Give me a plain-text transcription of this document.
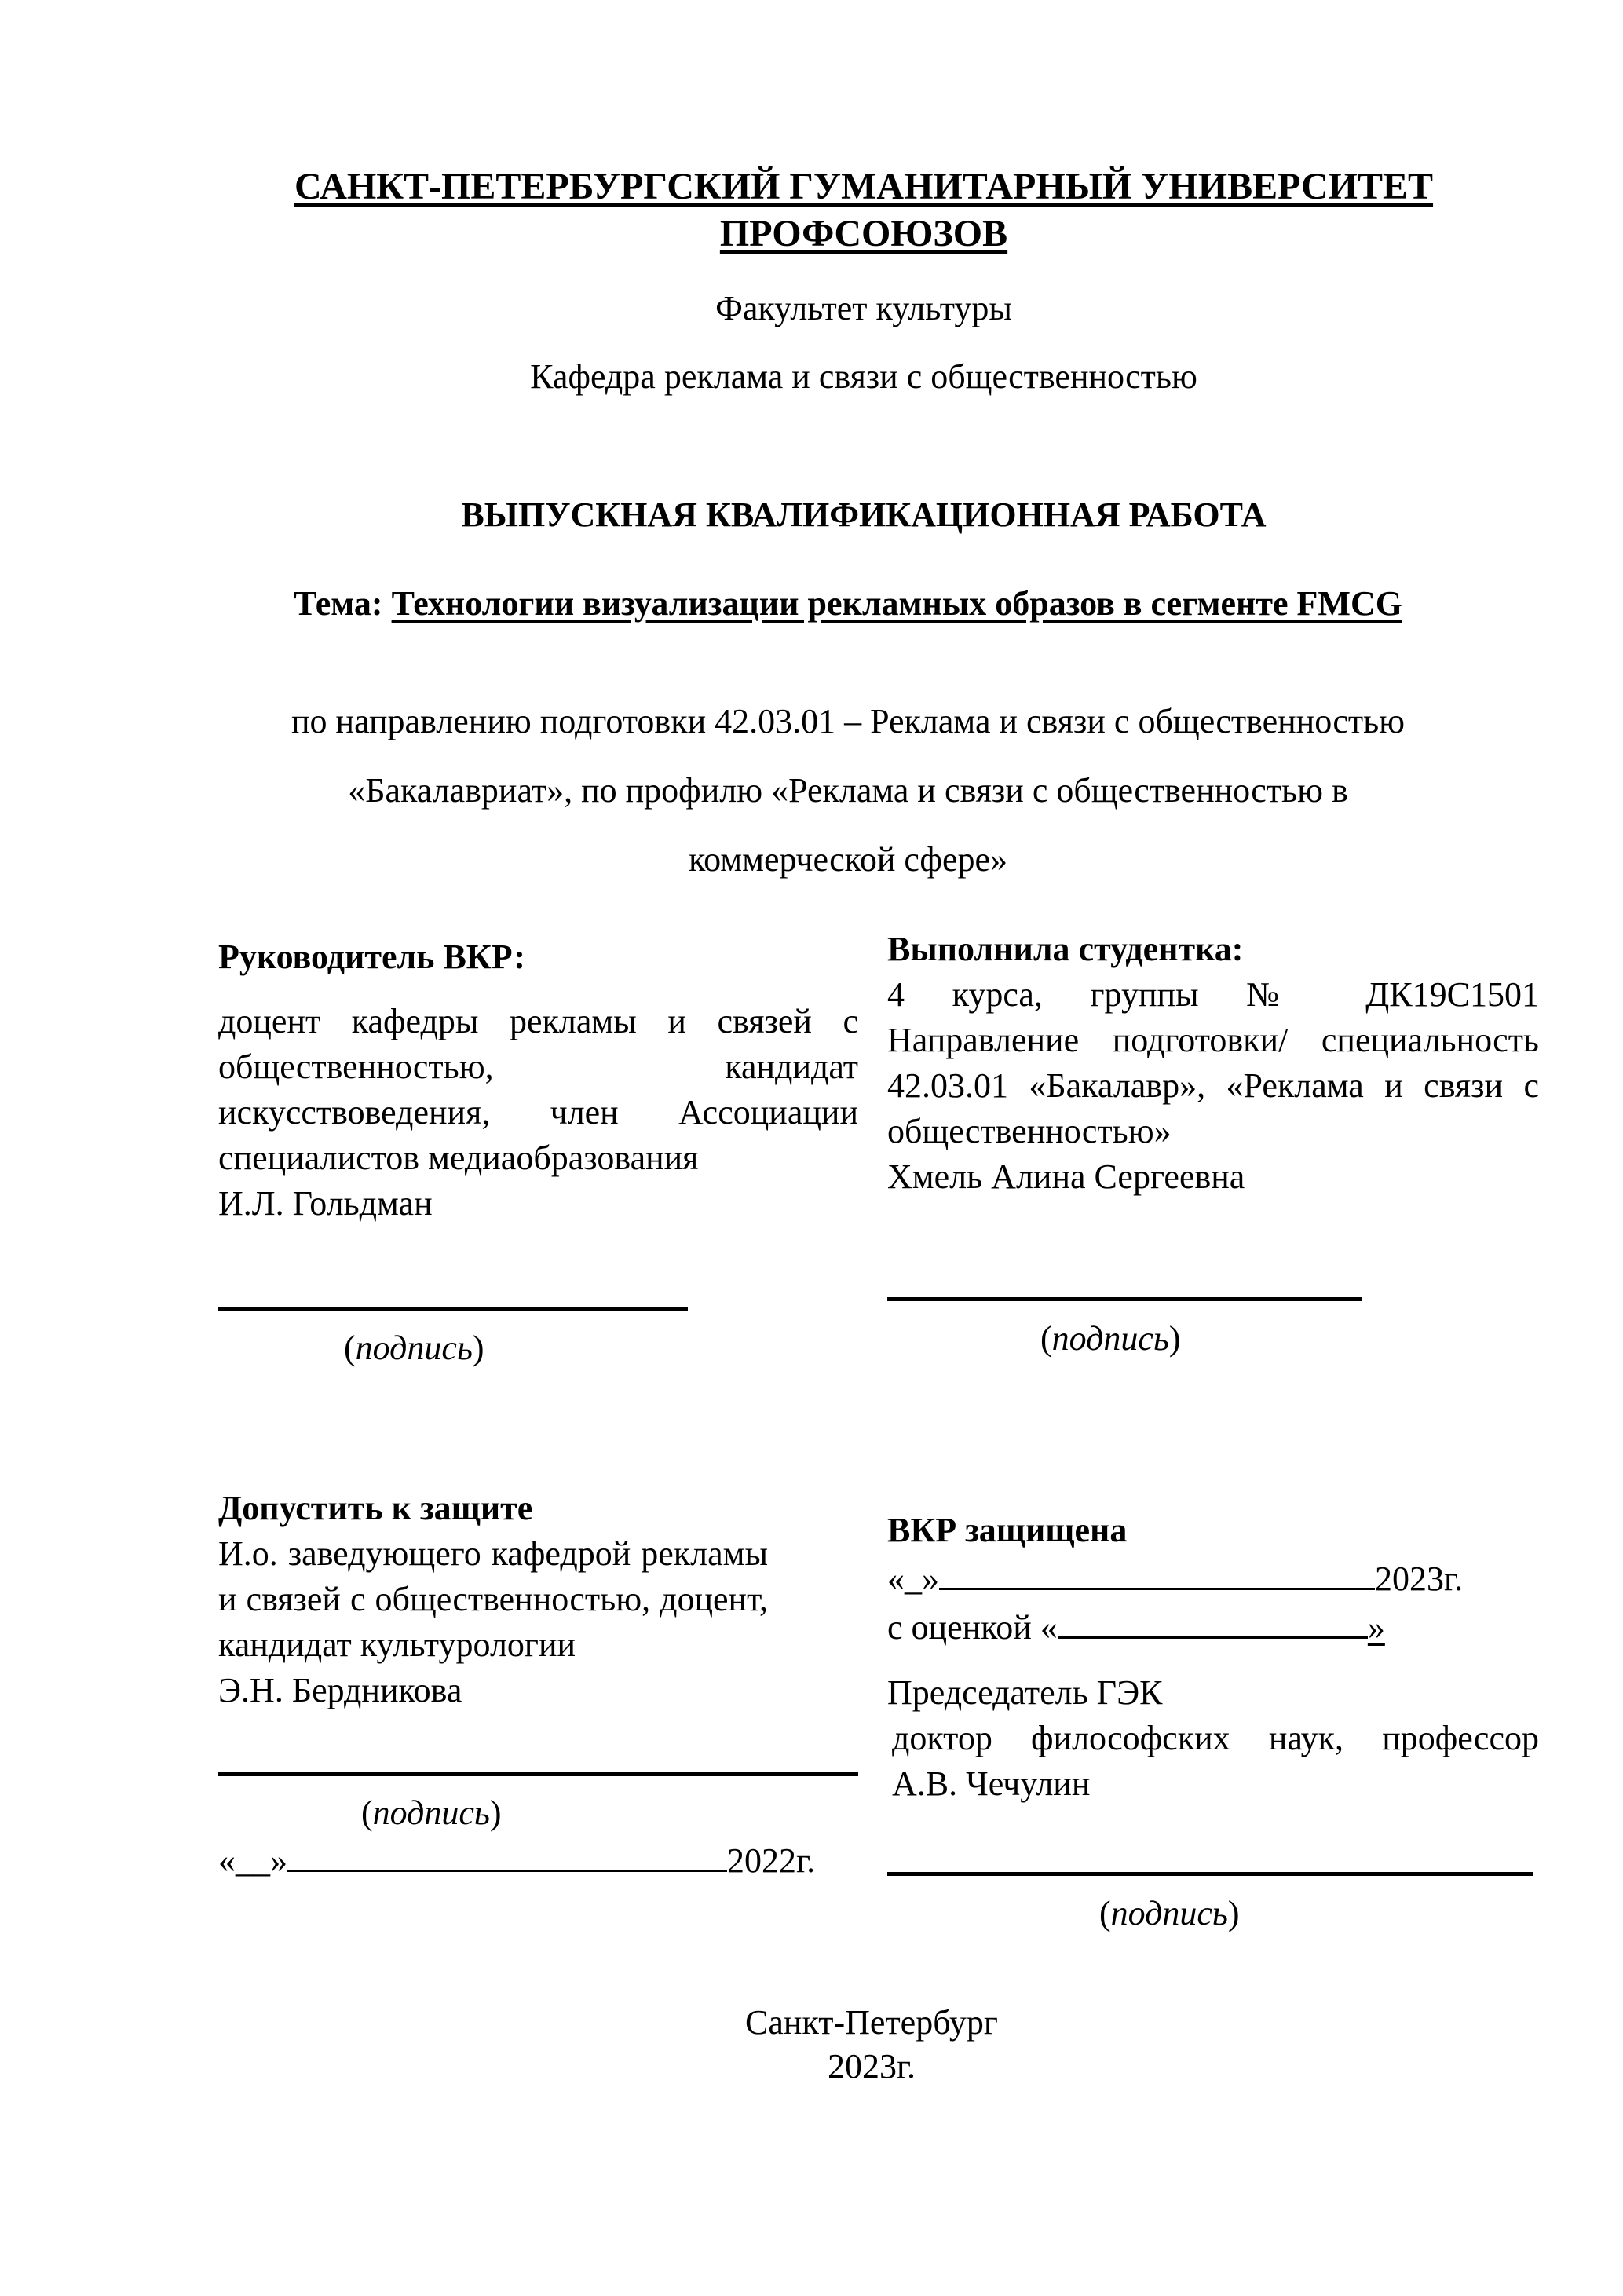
САНКТ-ПЕТЕРБУРГСКИЙ ГУМАНИТАРНЫЙ УНИВЕРСИТЕТ
ПРОФСОЮЗОВ
Факультет культуры
Кафедра реклама и связи с общественностью
ВЫПУСКНАЯ КВАЛИФИКАЦИОННАЯ РАБОТА
Тема: Технологии визуализации рекламных образов в сегменте FMCG
по направлению подготовки 42.03.01 – Реклама и связи с общественностью
«Бакалавриат», по профилю «Реклама и связи с общественностью в
коммерческой сфере»
Руководитель ВКР:
доцент кафедры рекламы и связей с общественностью, кандидат искусствоведения, член Ассоциации специалистов медиаобразования
И.Л. Гольдман
(подпись)
Выполнила студентка:
4 курса, группы № ДК19С1501 Направление подготовки/ специальность 42.03.01 «Бакалавр», «Реклама и связи с общественностью»
Хмель Алина Сергеевна
(подпись)
Допустить к защите
И.о. заведующего кафедрой рекламы и связей с общественностью, доцент, кандидат культурологии
Э.Н. Бердникова
(подпись)
«__»	2022г.
ВКР защищена
«_»	2023г.
с оценкой «	»
Председатель ГЭК
доктор философских наук, профессор
А.В. Чечулин
(подпись)
Санкт-Петербург
2023г.
